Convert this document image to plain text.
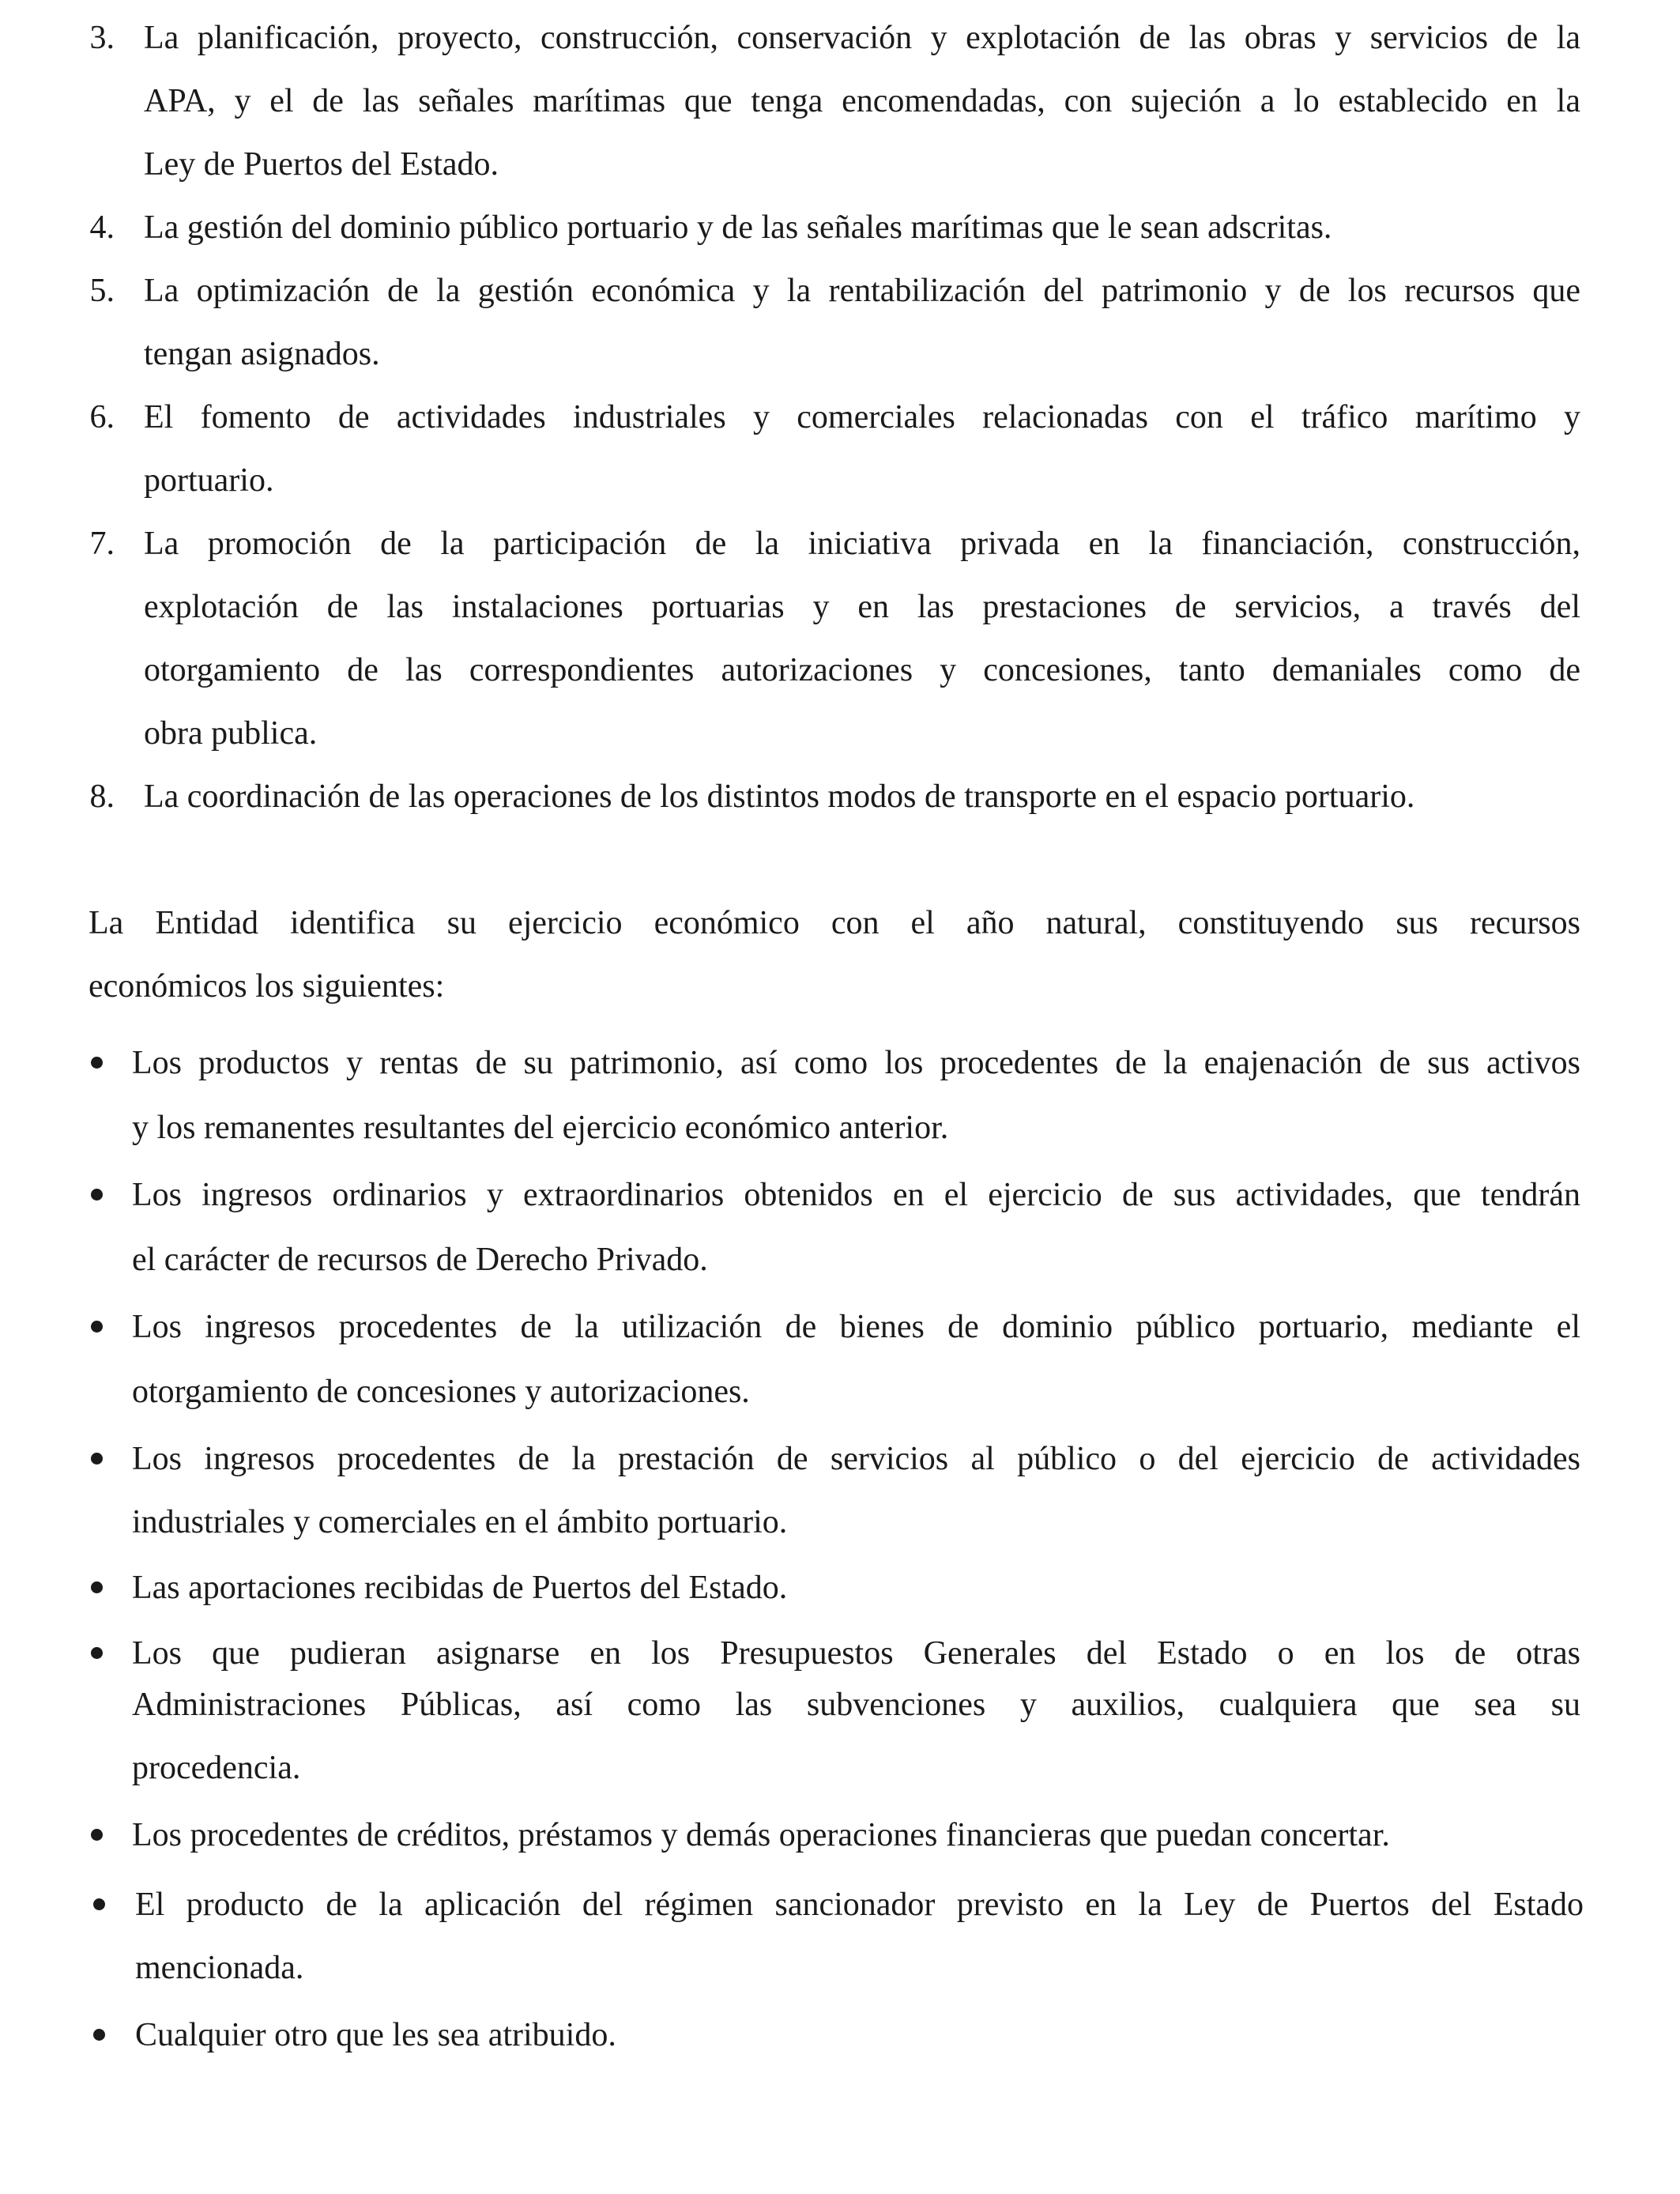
3. La planificación, proyecto, construcción, conservación y explotación de las obras y servicios de la
APA, y el de las señales marítimas que tenga encomendadas, con sujeción a lo establecido en la
Ley de Puertos del Estado.
4. La gestión del dominio público portuario y de las señales marítimas que le sean adscritas.
5. La optimización de la gestión económica y la rentabilización del patrimonio y de los recursos que
tengan asignados.
6. El fomento de actividades industriales y comerciales relacionadas con el tráfico marítimo y
portuario.
7. La promoción de la participación de la iniciativa privada en la financiación, construcción,
explotación de las instalaciones portuarias y en las prestaciones de servicios, a través del
otorgamiento de las correspondientes autorizaciones y concesiones, tanto demaniales como de
obra publica.
8. La coordinación de las operaciones de los distintos modos de transporte en el espacio portuario.
La Entidad identifica su ejercicio económico con el año natural, constituyendo sus recursos
económicos los siguientes:
Los productos y rentas de su patrimonio, así como los procedentes de la enajenación de sus activos
y los remanentes resultantes del ejercicio económico anterior.
Los ingresos ordinarios y extraordinarios obtenidos en el ejercicio de sus actividades, que tendrán
el carácter de recursos de Derecho Privado.
Los ingresos procedentes de la utilización de bienes de dominio público portuario, mediante el
otorgamiento de concesiones y autorizaciones.
Los ingresos procedentes de la prestación de servicios al público o del ejercicio de actividades
industriales y comerciales en el ámbito portuario.
Las aportaciones recibidas de Puertos del Estado.
Los que pudieran asignarse en los Presupuestos Generales del Estado o en los de otras
Administraciones Públicas, así como las subvenciones y auxilios, cualquiera que sea su
procedencia.
Los procedentes de créditos, préstamos y demás operaciones financieras que puedan concertar.
El producto de la aplicación del régimen sancionador previsto en la Ley de Puertos del Estado
mencionada.
Cualquier otro que les sea atribuido.
